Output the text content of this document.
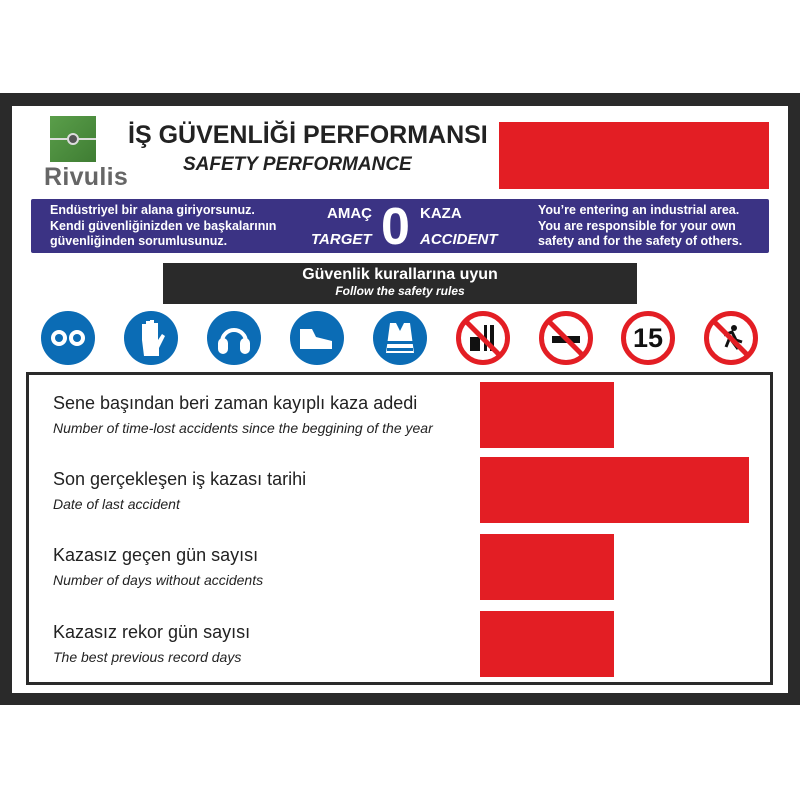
Rivulis
İŞ GÜVENLİĞİ PERFORMANSI
SAFETY PERFORMANCE
Endüstriyel bir alana giriyorsunuz.
Kendi güvenliğinizden ve başkalarının
güvenliğinden sorumlusunuz.
AMAÇ
TARGET 0 KAZA
ACCIDENT
You’re entering an industrial area.
You are responsible for your own
safety and for the safety of others.
Güvenlik kurallarına uyun
Follow the safety rules
15
Sene başından beri zaman kayıplı kaza adedi
Number of time-lost accidents since the beggining of the year
Son gerçekleşen iş kazası tarihi
Date of last accident
Kazasız geçen gün sayısı
Number of days without accidents
Kazasız rekor gün sayısı
The best previous record days
